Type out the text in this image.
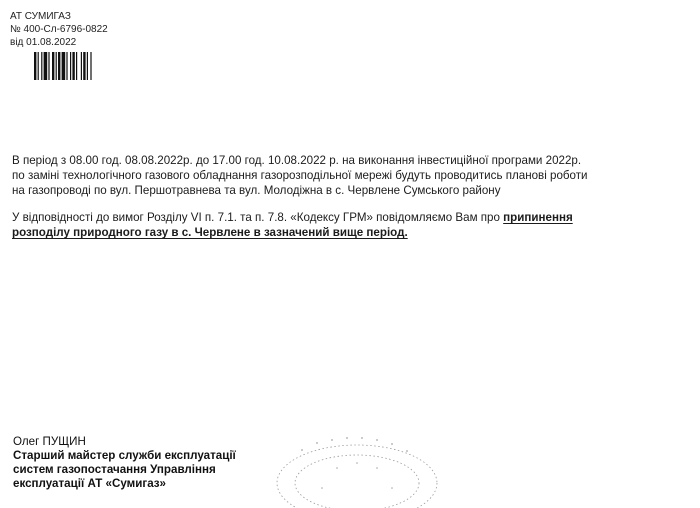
АТ СУМИГАЗ
№ 400-Сл-6796-0822
від 01.08.2022
В період з 08.00 год. 08.08.2022р. до 17.00 год. 10.08.2022 р. на виконання інвестиційної програми 2022р.
по заміні технологічного газового обладнання газорозподільної мережі будуть проводитись планові роботи
на газопроводі по вул. Першотравнева та вул. Молодіжна в с. Червлене Сумського району
У відповідності до вимог Розділу VI п. 7.1. та п. 7.8. «Кодексу ГРМ» повідомляємо Вам про припинення
розподілу природного газу в с. Червлене в зазначений вище період.
Олег ПУЩИН
Старший майстер служби експлуатації
систем газопостачання Управління
експлуатації АТ «Сумигаз»
